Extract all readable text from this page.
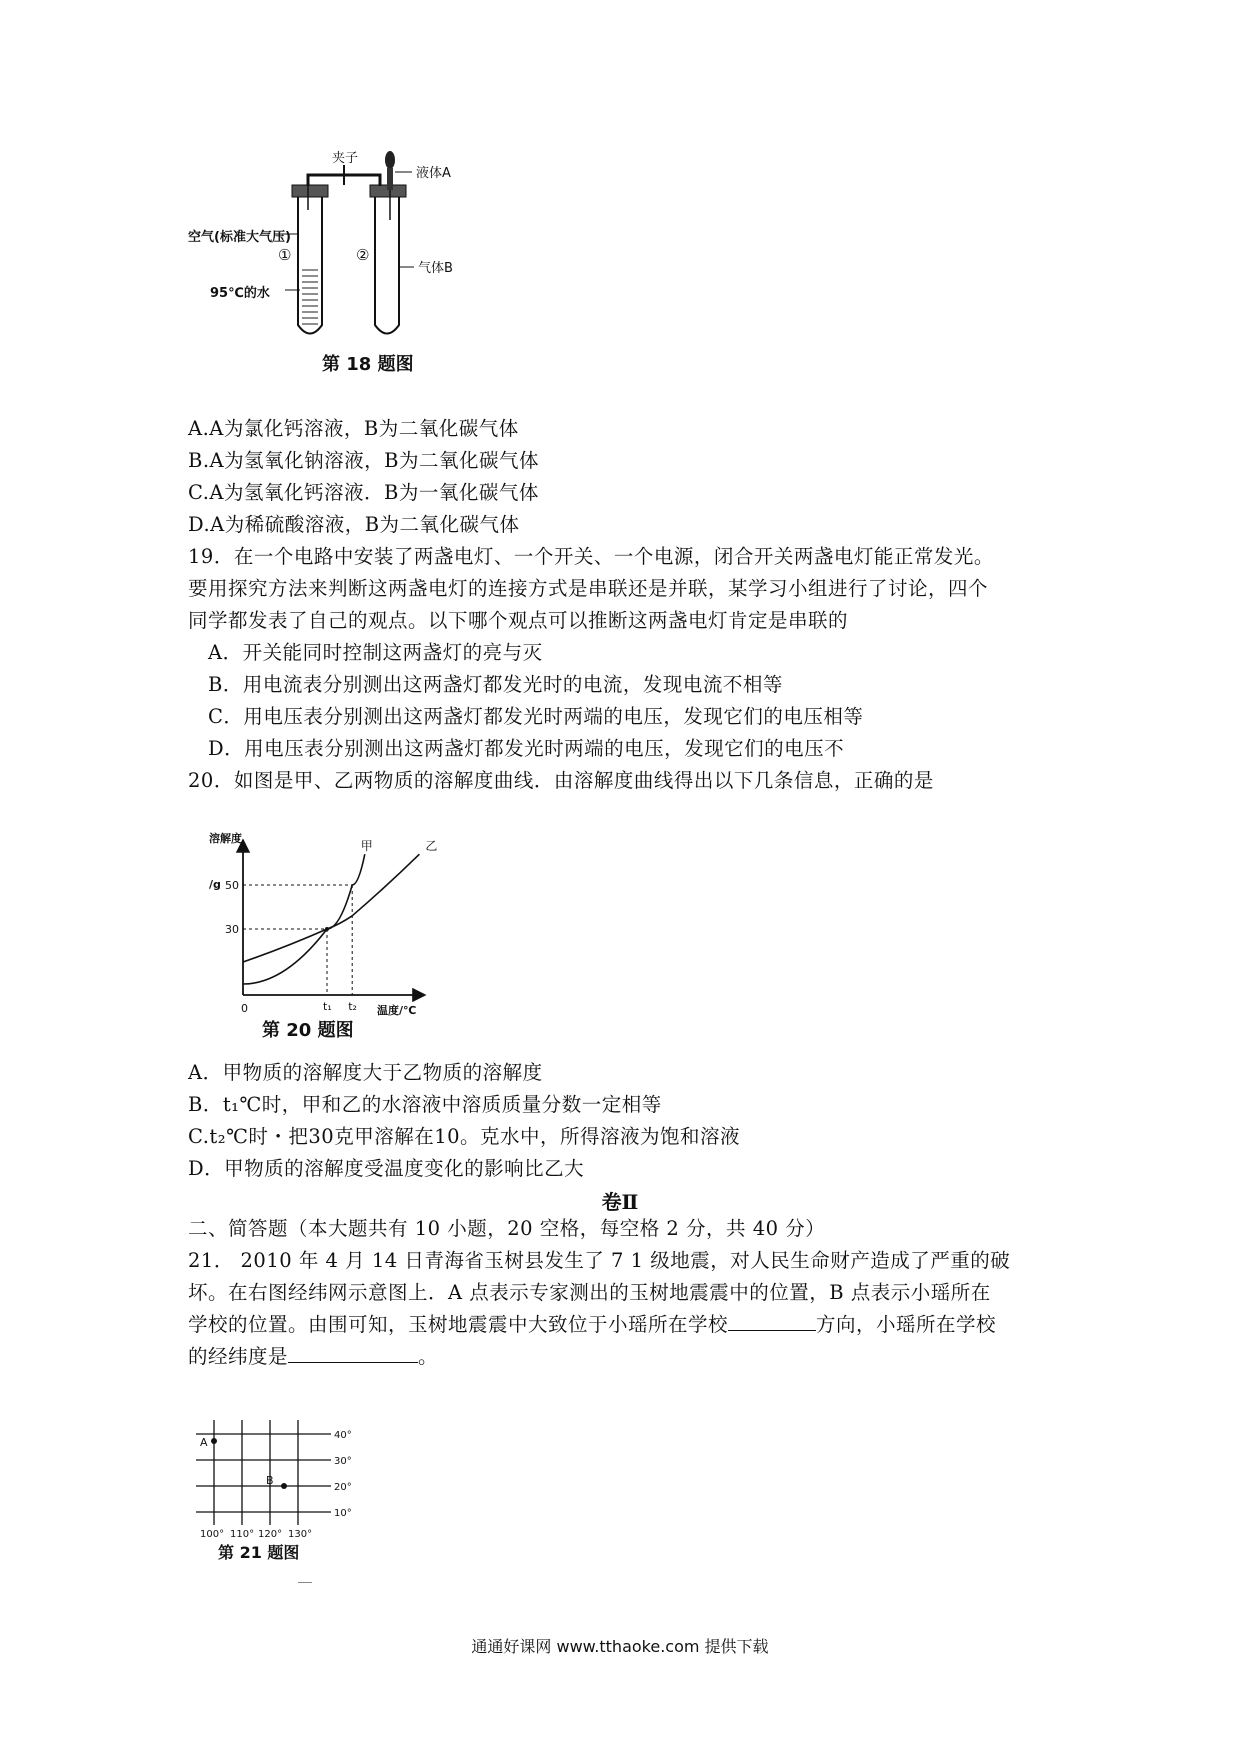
夹子
液体A
气体B
①	②
空气(标准大气压)
95℃的水
第 18 题图
A.A为氯化钙溶液，B为二氧化碳气体
B.A为氢氧化钠溶液，B为二氧化碳气体
C.A为氢氧化钙溶液．B为一氧化碳气体
D.A为稀硫酸溶液，B为二氧化碳气体
19．在一个电路中安装了两盏电灯、一个开关、一个电源，闭合开关两盏电灯能正常发光。
要用探究方法来判断这两盏电灯的连接方式是串联还是并联，某学习小组进行了讨论，四个
同学都发表了自己的观点。以下哪个观点可以推断这两盏电灯肯定是串联的
A．开关能同时控制这两盏灯的亮与灭
B．用电流表分别测出这两盏灯都发光时的电流，发现电流不相等
C．用电压表分别测出这两盏灯都发光时两端的电压，发现它们的电压相等
D．用电压表分别测出这两盏灯都发光时两端的电压，发现它们的电压不
20．如图是甲、乙两物质的溶解度曲线．由溶解度曲线得出以下几条信息，正确的是
溶解度
/g
0	温度/℃
30
t₁
50
t₂
甲	乙
第 20 题图
A．甲物质的溶解度大于乙物质的溶解度
B．t₁℃时，甲和乙的水溶液中溶质质量分数一定相等
C.t₂℃时・把30克甲溶解在10。克水中，所得溶液为饱和溶液
D．甲物质的溶解度受温度变化的影响比乙大
卷Ⅱ
二、简答题（本大题共有 10 小题，20 空格，每空格 2 分，共 40 分）
21． 2010 年 4 月 14 日青海省玉树县发生了 7 1 级地震，对人民生命财产造成了严重的破
坏。在右图经纬网示意图上．A 点表示专家测出的玉树地震震中的位置，B 点表示小瑶所在
学校的位置。由围可知，玉树地震震中大致位于小瑶所在学校	方向，小瑶所在学校
的经纬度是	。
A
B
40°
30°
20°
10°
100° 110° 120° 130°
第 21 题图
通通好课网 www.tthaoke.com 提供下载
